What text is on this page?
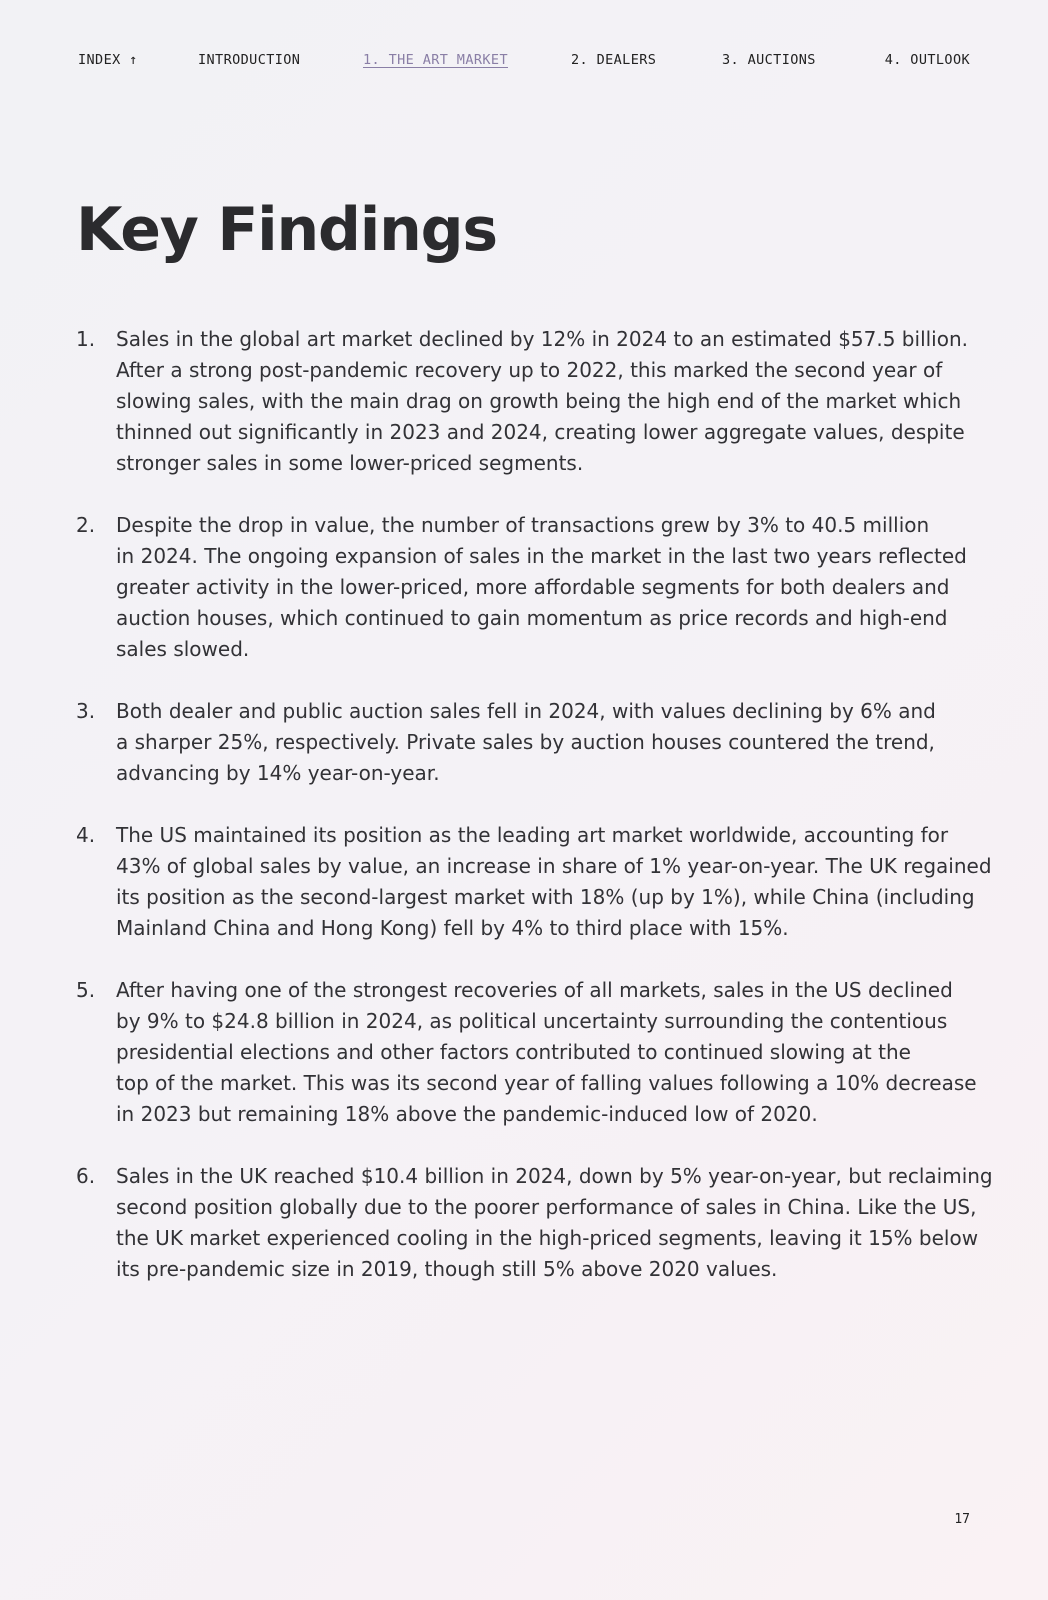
INDEX ↑	INTRODUCTION	1. THE ART MARKET	2. DEALERS	3. AUCTIONS	4. OUTLOOK
Key Findings
1. Sales in the global art market declined by 12% in 2024 to an estimated $57.5 billion.
After a strong post-pandemic recovery up to 2022, this marked the second year of
slowing sales, with the main drag on growth being the high end of the market which
thinned out significantly in 2023 and 2024, creating lower aggregate values, despite
stronger sales in some lower-priced segments.
2. Despite the drop in value, the number of transactions grew by 3% to 40.5 million
in 2024. The ongoing expansion of sales in the market in the last two years reflected
greater activity in the lower-priced, more affordable segments for both dealers and
auction houses, which continued to gain momentum as price records and high-end
sales slowed.
3. Both dealer and public auction sales fell in 2024, with values declining by 6% and
a sharper 25%, respectively. Private sales by auction houses countered the trend,
advancing by 14% year-on-year.
4. The US maintained its position as the leading art market worldwide, accounting for
43% of global sales by value, an increase in share of 1% year-on-year. The UK regained
its position as the second-largest market with 18% (up by 1%), while China (including
Mainland China and Hong Kong) fell by 4% to third place with 15%.
5. After having one of the strongest recoveries of all markets, sales in the US declined
by 9% to $24.8 billion in 2024, as political uncertainty surrounding the contentious
presidential elections and other factors contributed to continued slowing at the
top of the market. This was its second year of falling values following a 10% decrease
in 2023 but remaining 18% above the pandemic-induced low of 2020.
6. Sales in the UK reached $10.4 billion in 2024, down by 5% year-on-year, but reclaiming
second position globally due to the poorer performance of sales in China. Like the US,
the UK market experienced cooling in the high-priced segments, leaving it 15% below
its pre-pandemic size in 2019, though still 5% above 2020 values.
17
